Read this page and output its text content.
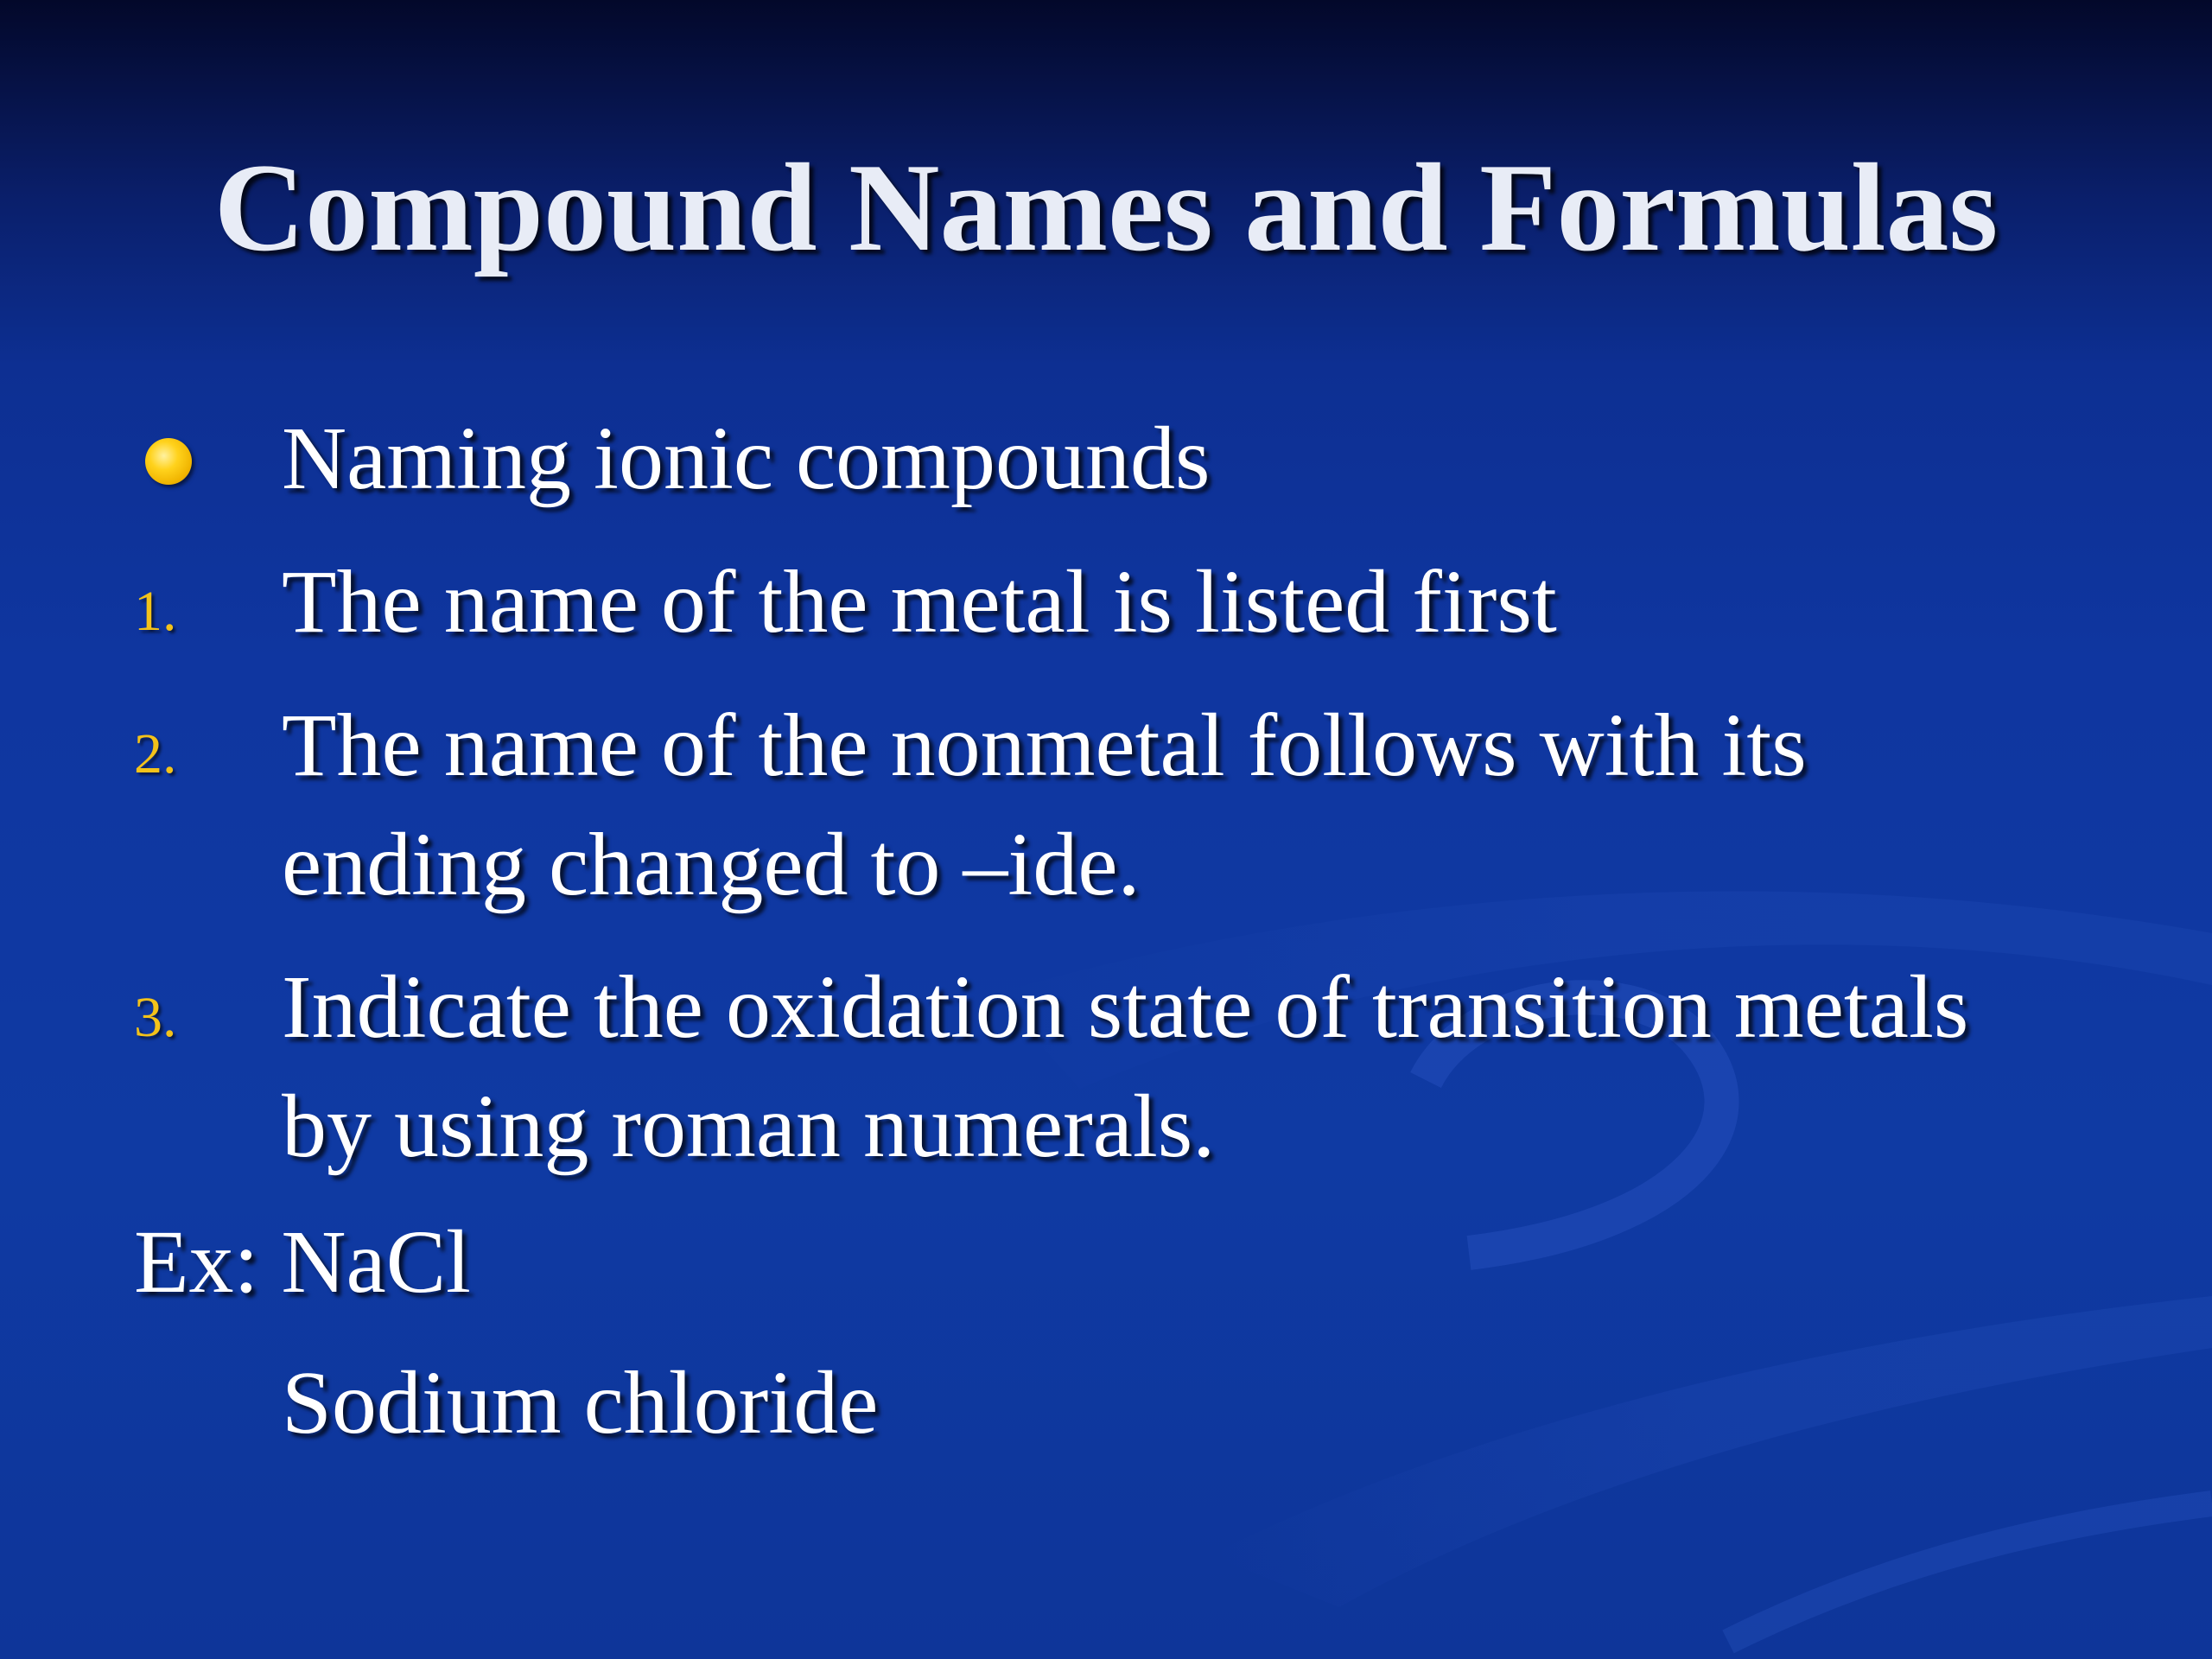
Compound Names and Formulas
Naming ionic compounds
1. The name of the metal is listed first
2. The name of the nonmetal follows with its
ending changed to –ide.
3. Indicate the oxidation state of transition metals
by using roman numerals.
Ex: NaCl
Sodium chloride
